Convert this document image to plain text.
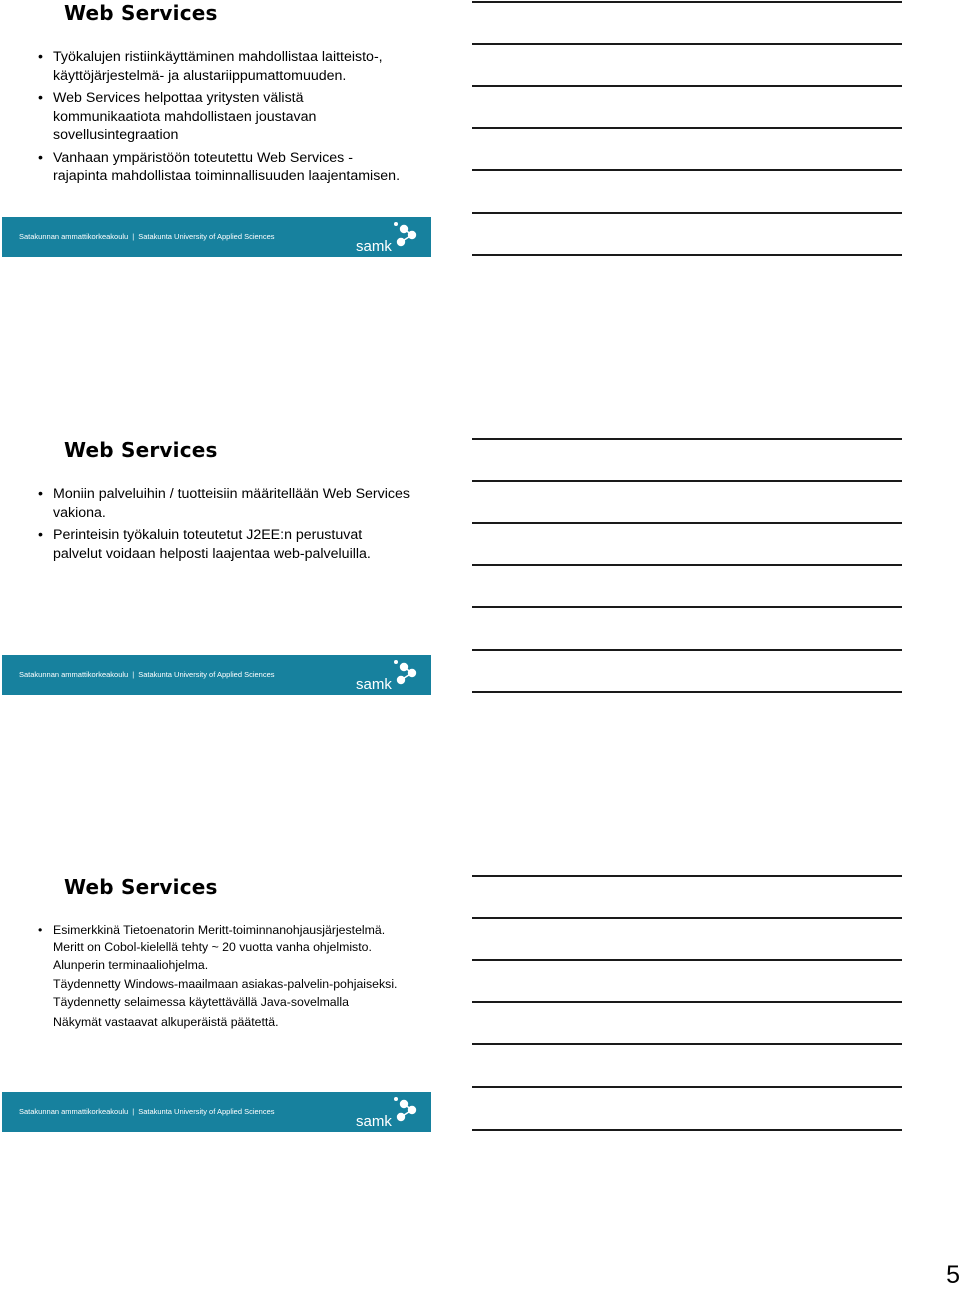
Web Services
• Työkalujen ristiinkäyttäminen mahdollistaa laitteisto-, käyttöjärjestelmä- ja alustariippumattomuuden.
• Web Services helpottaa yritysten välistä kommunikaatiota mahdollistaen joustavan sovellusintegraation
• Vanhaan ympäristöön toteutettu Web Services -rajapinta mahdollistaa toiminnallisuuden laajentamisen.
Satakunnan ammattikorkeakoulu | Satakunta University of Applied Sciences
samk
Web Services
• Moniin palveluihin / tuotteisiin määritellään Web Services vakiona.
• Perinteisin työkaluin toteutetut J2EE:n perustuvat palvelut voidaan helposti laajentaa web-palveluilla.
Satakunnan ammattikorkeakoulu | Satakunta University of Applied Sciences
samk
Web Services
• Esimerkkinä Tietoenatorin Meritt-toiminnanohjausjärjestelmä. Meritt on Cobol-kielellä tehty ~ 20 vuotta vanha ohjelmisto.
Alunperin terminaaliohjelma.
Täydennetty Windows-maailmaan asiakas-palvelin-pohjaiseksi.
Täydennetty selaimessa käytettävällä Java-sovelmalla
Näkymät vastaavat alkuperäistä päätettä.
Satakunnan ammattikorkeakoulu | Satakunta University of Applied Sciences
samk
5
